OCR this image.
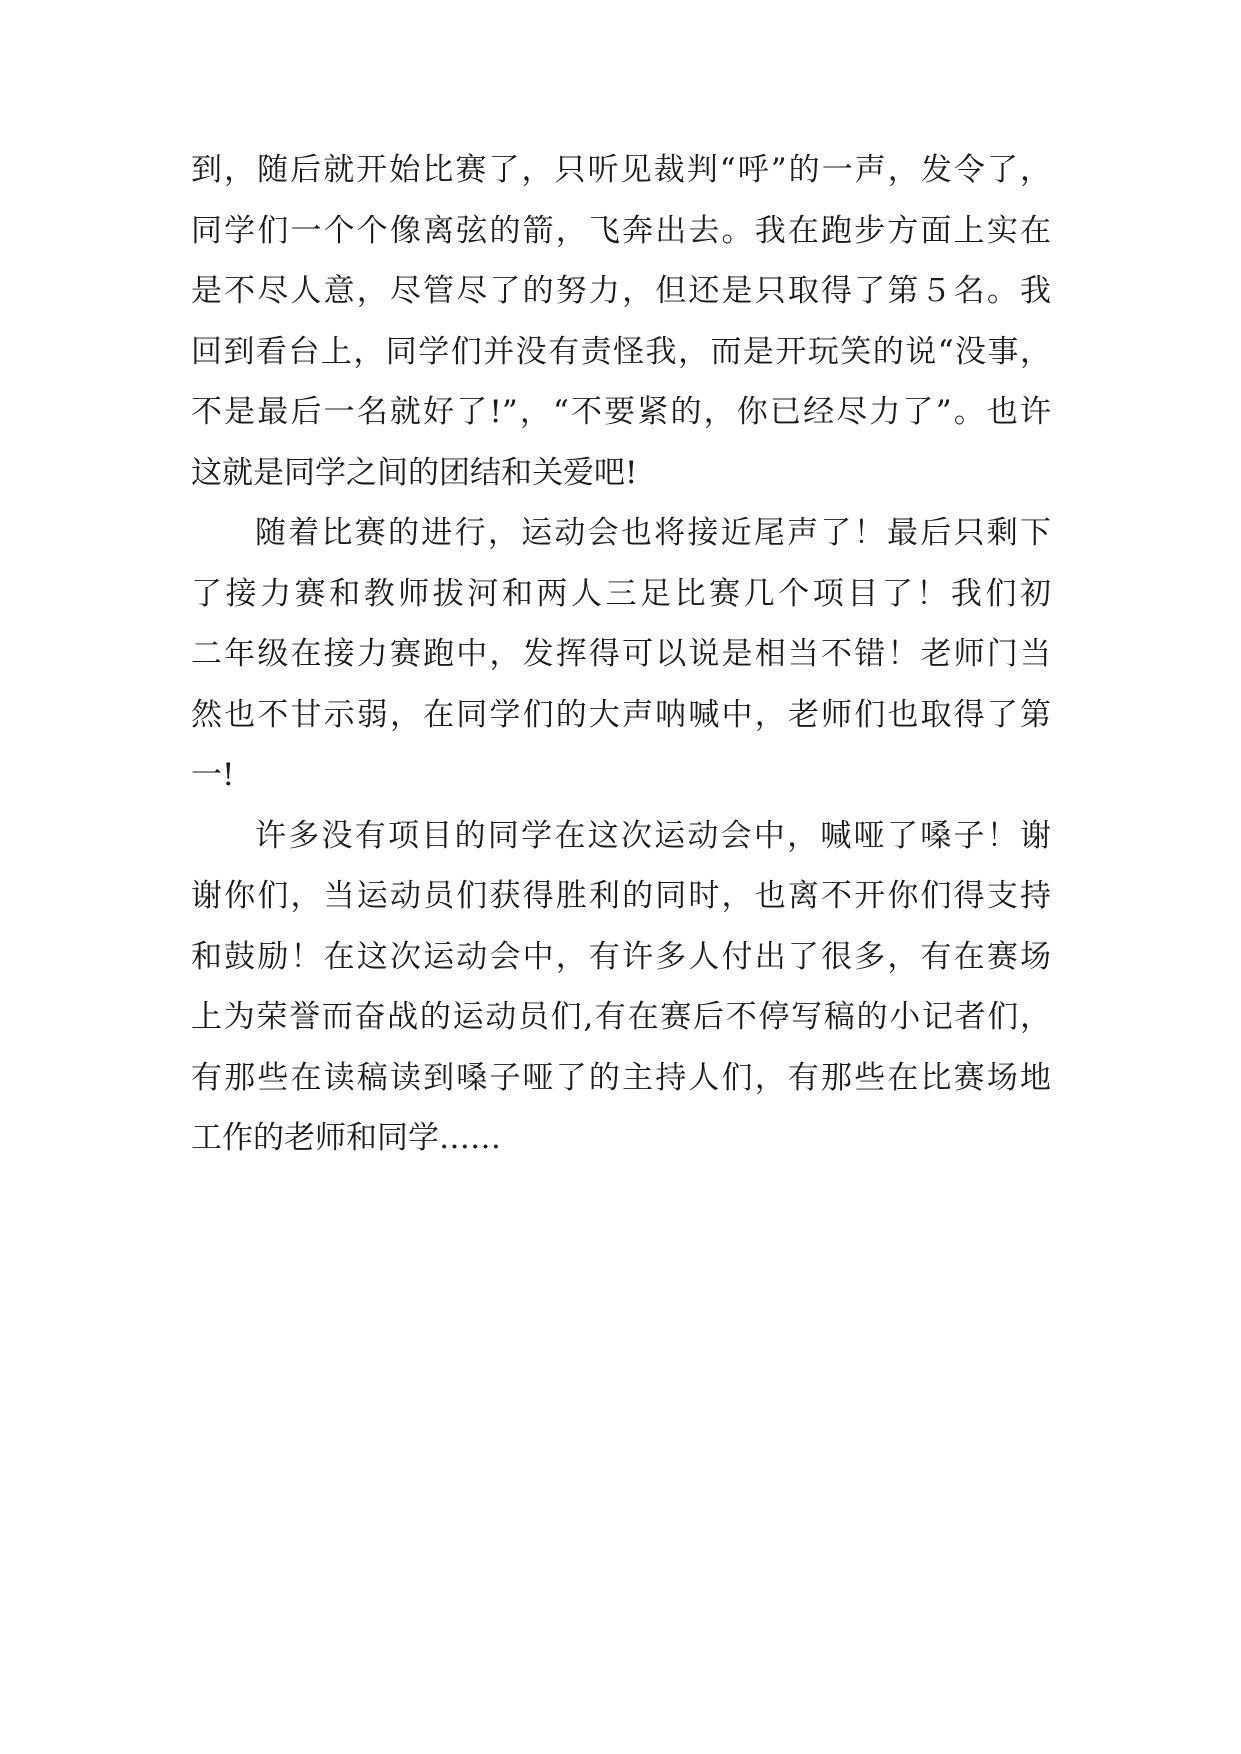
到，随后就开始比赛了，只听见裁判“呼”的一声，发令了，
同学们一个个像离弦的箭，飞奔出去。我在跑步方面上实在
是不尽人意，尽管尽了的努力，但还是只取得了第５名。我
回到看台上，同学们并没有责怪我，而是开玩笑的说“没事，
不是最后一名就好了!”，“不要紧的，你已经尽力了”。也许
这就是同学之间的团结和关爱吧!
随着比赛的进行，运动会也将接近尾声了！最后只剩下
了接力赛和教师拔河和两人三足比赛几个项目了！我们初
二年级在接力赛跑中，发挥得可以说是相当不错！老师门当
然也不甘示弱，在同学们的大声呐喊中，老师们也取得了第
一!
许多没有项目的同学在这次运动会中，喊哑了嗓子！谢
谢你们，当运动员们获得胜利的同时，也离不开你们得支持
和鼓励！在这次运动会中，有许多人付出了很多，有在赛场
上为荣誉而奋战的运动员们,有在赛后不停写稿的小记者们，
有那些在读稿读到嗓子哑了的主持人们，有那些在比赛场地
工作的老师和同学……
